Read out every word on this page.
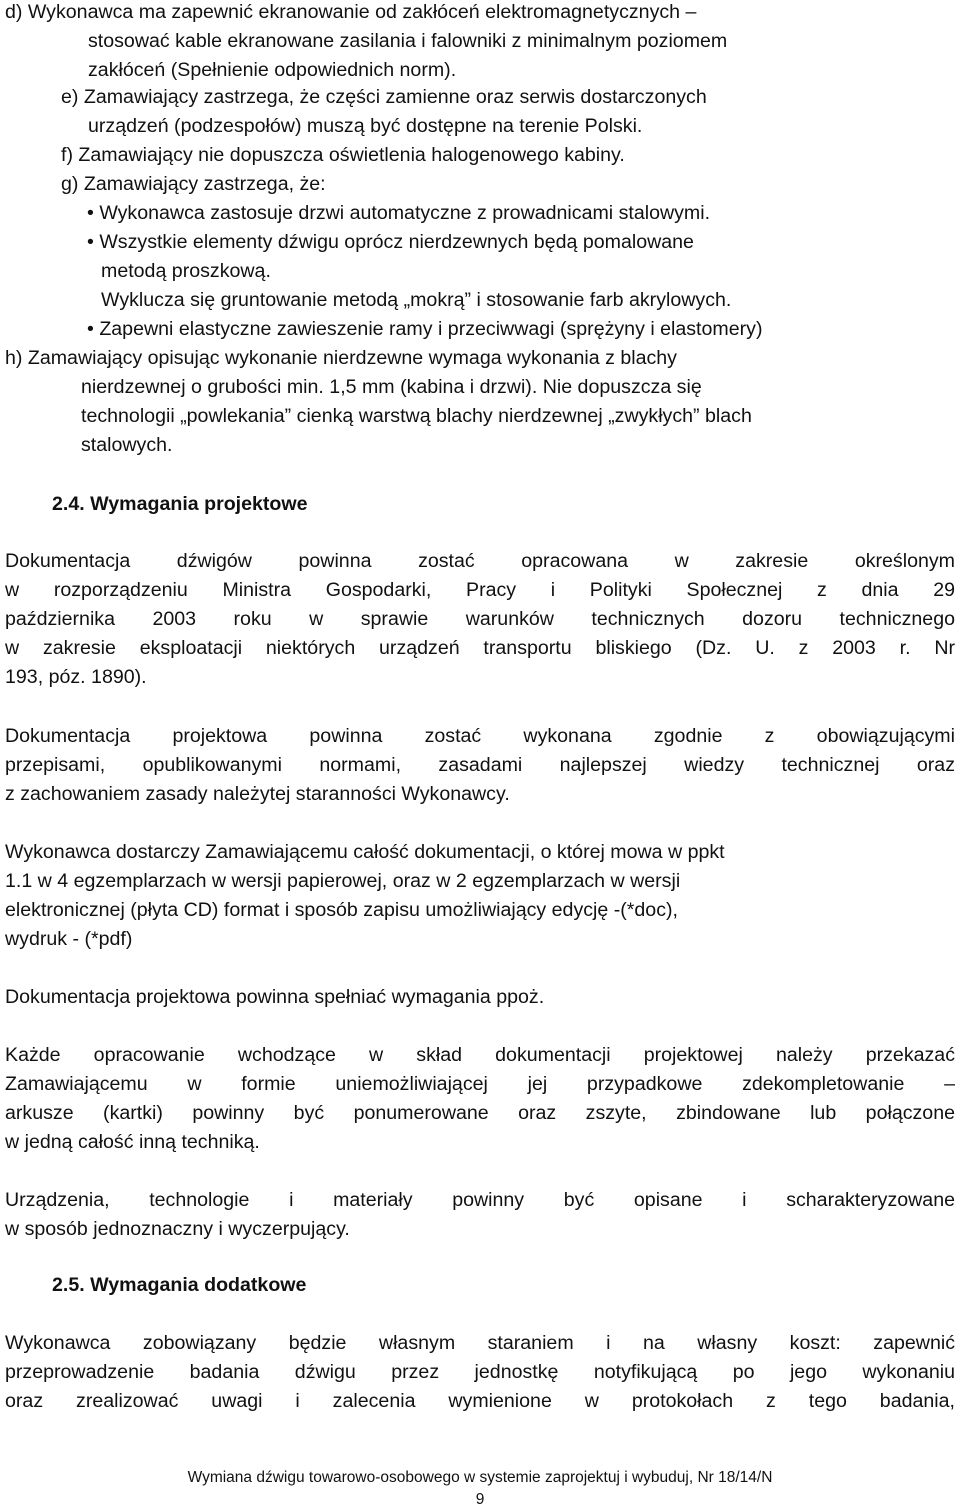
d) Wykonawca ma zapewnić ekranowanie od zakłóceń elektromagnetycznych –

stosować kable ekranowane zasilania i falowniki z minimalnym poziomem

zakłóceń (Spełnienie odpowiednich norm).

e) Zamawiający zastrzega, że części zamienne oraz serwis dostarczonych

urządzeń (podzespołów) muszą być dostępne na terenie Polski.

f) Zamawiający nie dopuszcza oświetlenia halogenowego kabiny.

g) Zamawiający zastrzega, że:

• Wykonawca zastosuje drzwi automatyczne z prowadnicami stalowymi.

• Wszystkie elementy dźwigu oprócz nierdzewnych będą pomalowane

metodą proszkową.

Wyklucza się gruntowanie metodą „mokrą” i stosowanie farb akrylowych.

• Zapewni elastyczne zawieszenie ramy i przeciwwagi (sprężyny i elastomery)

h) Zamawiający opisując wykonanie nierdzewne wymaga wykonania z blachy

nierdzewnej o grubości min. 1,5 mm (kabina i drzwi). Nie dopuszcza się

technologii „powlekania” cienką warstwą blachy nierdzewnej „zwykłych” blach

stalowych.

2.4. Wymagania projektowe
Dokumentacja dźwigów powinna zostać opracowana w zakresie określonym
w rozporządzeniu Ministra Gospodarki, Pracy i Polityki Społecznej z dnia 29
października 2003 roku w sprawie warunków technicznych dozoru technicznego
w zakresie eksploatacji niektórych urządzeń transportu bliskiego (Dz. U. z 2003 r. Nr
193, póz. 1890).
Dokumentacja projektowa powinna zostać wykonana zgodnie z obowiązującymi
przepisami, opublikowanymi normami, zasadami najlepszej wiedzy technicznej oraz
z zachowaniem zasady należytej staranności Wykonawcy.
Wykonawca dostarczy Zamawiającemu całość dokumentacji, o której mowa w ppkt
1.1 w 4 egzemplarzach w wersji papierowej, oraz w 2 egzemplarzach w wersji
elektronicznej (płyta CD) format i sposób zapisu umożliwiający edycję -(*doc),
wydruk - (*pdf)
Dokumentacja projektowa powinna spełniać wymagania ppoż.
Każde opracowanie wchodzące w skład dokumentacji projektowej należy przekazać
Zamawiającemu w formie uniemożliwiającej jej przypadkowe zdekompletowanie –
arkusze (kartki) powinny być ponumerowane oraz zszyte, zbindowane lub połączone
w jedną całość inną techniką.
Urządzenia, technologie i materiały powinny być opisane i scharakteryzowane
w sposób jednoznaczny i wyczerpujący.
2.5. Wymagania dodatkowe
Wykonawca zobowiązany będzie własnym staraniem i na własny koszt: zapewnić
przeprowadzenie badania dźwigu przez jednostkę notyfikującą po jego wykonaniu
oraz zrealizować uwagi i zalecenia wymienione w protokołach z tego badania,
Wymiana dźwigu towarowo-osobowego w systemie zaprojektuj i wybuduj, Nr 18/14/N
9
